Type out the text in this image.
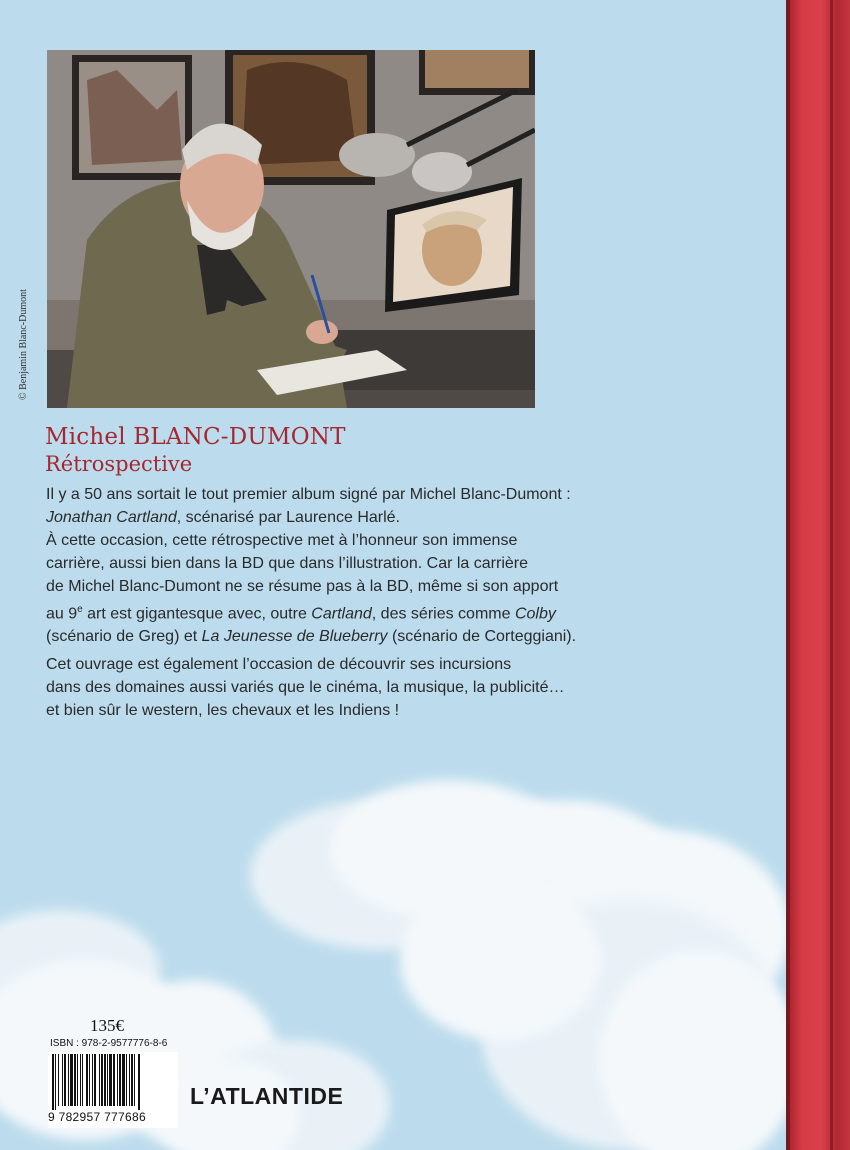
© Benjamin Blanc-Dumont
Michel BLANC-DUMONT
Rétrospective
Il y a 50 ans sortait le tout premier album signé par Michel Blanc-Dumont :
Jonathan Cartland, scénarisé par Laurence Harlé.
À cette occasion, cette rétrospective met à l’honneur son immense
carrière, aussi bien dans la BD que dans l’illustration. Car la carrière
de Michel Blanc-Dumont ne se résume pas à la BD, même si son apport
au 9e art est gigantesque avec, outre Cartland, des séries comme Colby
(scénario de Greg) et La Jeunesse de Blueberry (scénario de Corteggiani).
Cet ouvrage est également l’occasion de découvrir ses incursions
dans des domaines aussi variés que le cinéma, la musique, la publicité…
et bien sûr le western, les chevaux et les Indiens !
135€
ISBN : 978-2-9577776-8-6
9 782957 777686
L’ATLANTIDE
